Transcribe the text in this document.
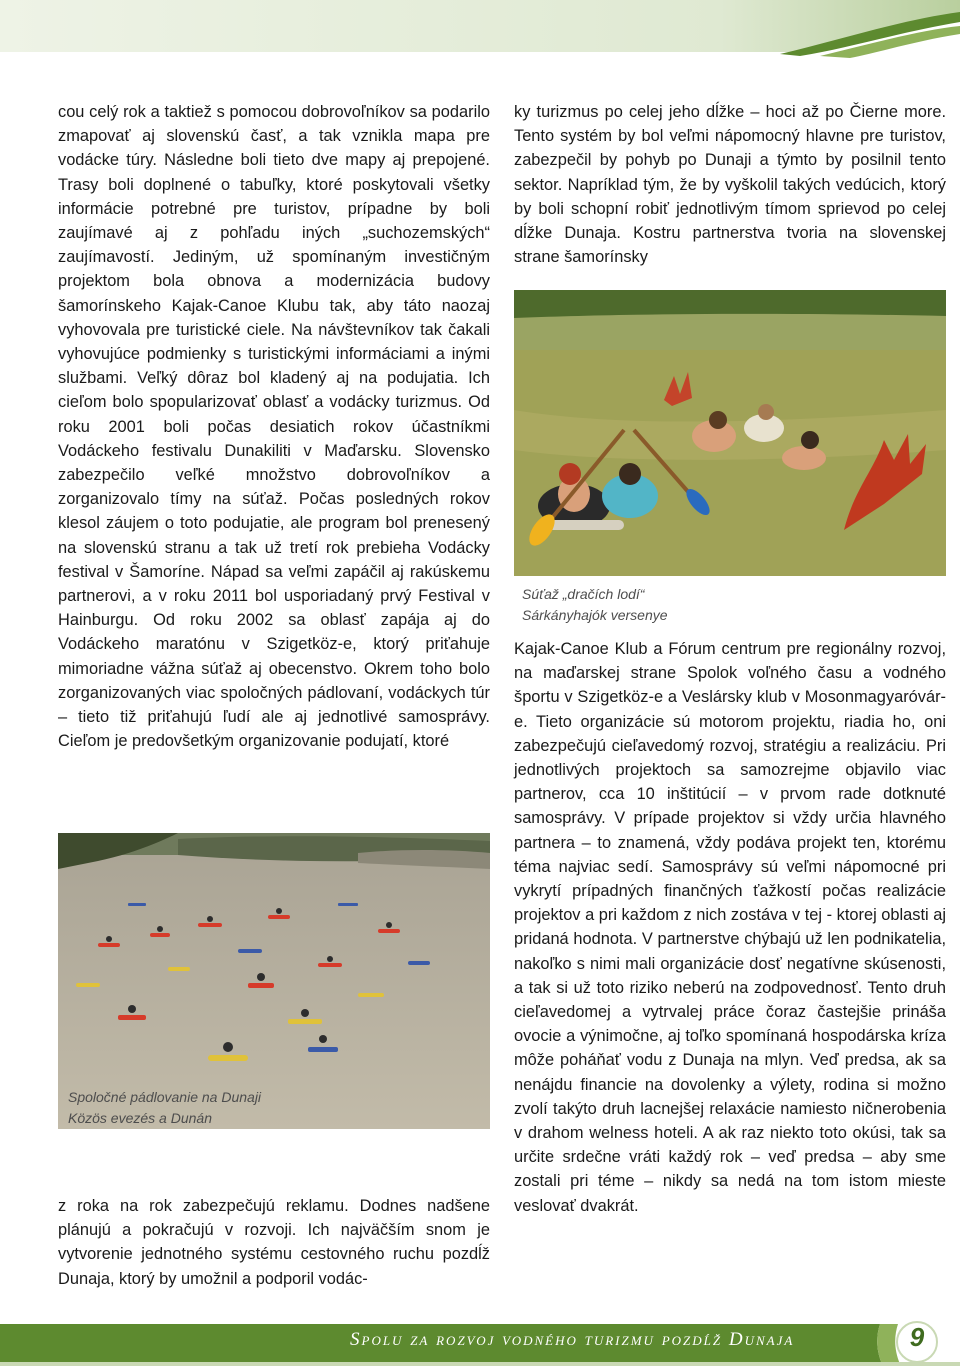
cou celý rok a taktiež s pomocou dobrovoľníkov sa podarilo zmapovať aj slovenskú časť, a tak vznikla mapa pre vodácke túry. Následne boli tieto dve mapy aj prepojené. Trasy boli doplnené o tabuľky, ktoré poskytovali všetky informácie potrebné pre turistov, prípadne by boli zaujímavé aj z pohľadu iných „suchozemských“ zaujímavostí. Jediným, už spomínaným investičným projektom bola obnova a modernizácia budovy šamorínskeho Kajak-Canoe Klubu tak, aby táto naozaj vyhovovala pre turistické ciele. Na návštevníkov tak čakali vyhovujúce podmienky s turistickými informáciami a inými službami. Veľký dôraz bol kladený aj na podujatia. Ich cieľom bolo spopularizovať oblasť a vodácky turizmus. Od roku 2001 boli počas desiatich rokov účastníkmi Vodáckeho festivalu Dunakiliti v Maďarsku. Slovensko zabezpečilo veľké množstvo dobrovoľníkov a zorganizovalo tímy na súťaž. Počas posledných rokov klesol záujem o toto podujatie, ale program bol prenesený na slovenskú stranu a tak už tretí rok prebieha Vodácky festival v Šamoríne. Nápad sa veľmi zapáčil aj rakúskemu partnerovi, a v roku 2011 bol usporiadaný prvý Festival v Hainburgu. Od roku 2002 sa oblasť zapája aj do Vodáckeho maratónu v Szigetköz-e, ktorý priťahuje mimoriadne vážna súťaž aj obecenstvo. Okrem toho bolo zorganizovaných viac spoločných pádlovaní, vodáckych túr – tieto tiž priťahujú ľudí ale aj jednotlivé samosprávy. Cieľom je predovšetkým organizovanie podujatí, ktoré

Spoločné pádlovanie na Dunaji
Közös evezés a Dunán

z roka na rok zabezpečujú reklamu. Dodnes nadšene plánujú a pokračujú v rozvoji. Ich najväčším snom je vytvorenie jednotného systému cestovného ruchu pozdĺž Dunaja, ktorý by umožnil a podporil vodác-

ky turizmus po celej jeho dĺžke – hoci až po Čierne more. Tento systém by bol veľmi nápomocný hlavne pre turistov, zabezpečil by pohyb po Dunaji a týmto by posilnil tento sektor. Napríklad tým, že by vyškolil takých vedúcich, ktorý by boli schopní robiť jednotlivým tímom sprievod po celej dĺžke Dunaja. Kostru partnerstva tvoria na slovenskej strane šamorínsky

Súťaž „dračích lodí“
Sárkányhajók versenye

Kajak-Canoe Klub a Fórum centrum pre regionálny rozvoj, na maďarskej strane Spolok voľného času a vodného športu v Szigetköz-e a Veslársky klub v Mosonmagyaróvár-e. Tieto organizácie sú motorom projektu, riadia ho, oni zabezpečujú cieľavedomý rozvoj, stratégiu a realizáciu. Pri jednotlivých projektoch sa samozrejme objavilo viac partnerov, cca 10 inštitúcií – v prvom rade dotknuté samosprávy. V prípade projektov si vždy určia hlavného partnera – to znamená, vždy podáva projekt ten, ktorému téma najviac sedí. Samosprávy sú veľmi nápomocné pri vykrytí prípadných finančných ťažkostí počas realizácie projektov a pri každom z nich zostáva v tej - ktorej oblasti aj pridaná hodnota. V partnerstve chýbajú už len podnikatelia, nakoľko s nimi mali organizácie dosť negatívne skúsenosti, a tak si už toto riziko neberú na zodpovednosť. Tento druh cieľavedomej a vytrvalej práce čoraz častejšie prináša ovocie a výnimočne, aj toľko spomínaná hospodárska kríza môže poháňať vodu z Dunaja na mlyn. Veď predsa, ak sa nenájdu financie na dovolenky a výlety, rodina si možno zvolí takýto druh lacnejšej relaxácie namiesto ničnerobenia v drahom welness hoteli. A ak raz niekto toto okúsi, tak sa určite srdečne vráti každý rok – veď predsa – aby sme zostali pri téme – nikdy sa nedá na tom istom mieste veslovať dvakrát.

Spolu za rozvoj vodného turizmu pozdĺž Dunaja	9
